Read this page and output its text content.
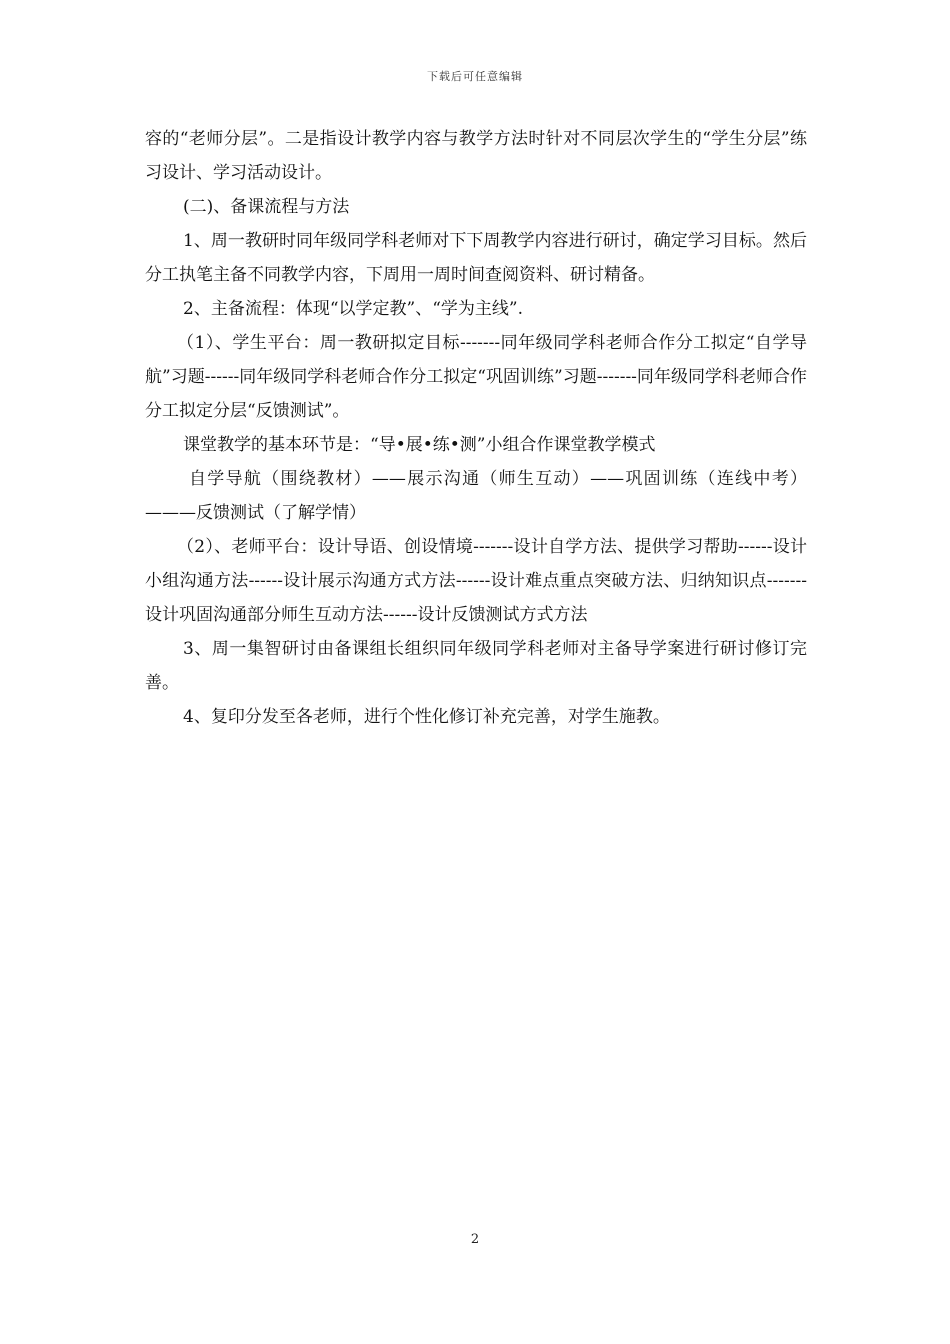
下载后可任意编辑

容的“老师分层”。二是指设计教学内容与教学方法时针对不同层次学生的“学生分层”练习设计、学习活动设计。

(二)、备课流程与方法

1、周一教研时同年级同学科老师对下下周教学内容进行研讨，确定学习目标。然后分工执笔主备不同教学内容，下周用一周时间查阅资料、研讨精备。

2、主备流程：体现“以学定教”、“学为主线”.

（1）、学生平台：周一教研拟定目标-------同年级同学科老师合作分工拟定“自学导航”习题------同年级同学科老师合作分工拟定“巩固训练”习题-------同年级同学科老师合作分工拟定分层“反馈测试”。

课堂教学的基本环节是：“导•展•练•测”小组合作课堂教学模式

自学导航（围绕教材）——展示沟通（师生互动）——巩固训练（连线中考）———反馈测试（了解学情）

（2）、老师平台：设计导语、创设情境-------设计自学方法、提供学习帮助------设计小组沟通方法------设计展示沟通方式方法------设计难点重点突破方法、归纳知识点-------设计巩固沟通部分师生互动方法------设计反馈测试方式方法

3、周一集智研讨由备课组长组织同年级同学科老师对主备导学案进行研讨修订完善。

4、复印分发至各老师，进行个性化修订补充完善，对学生施教。

2
